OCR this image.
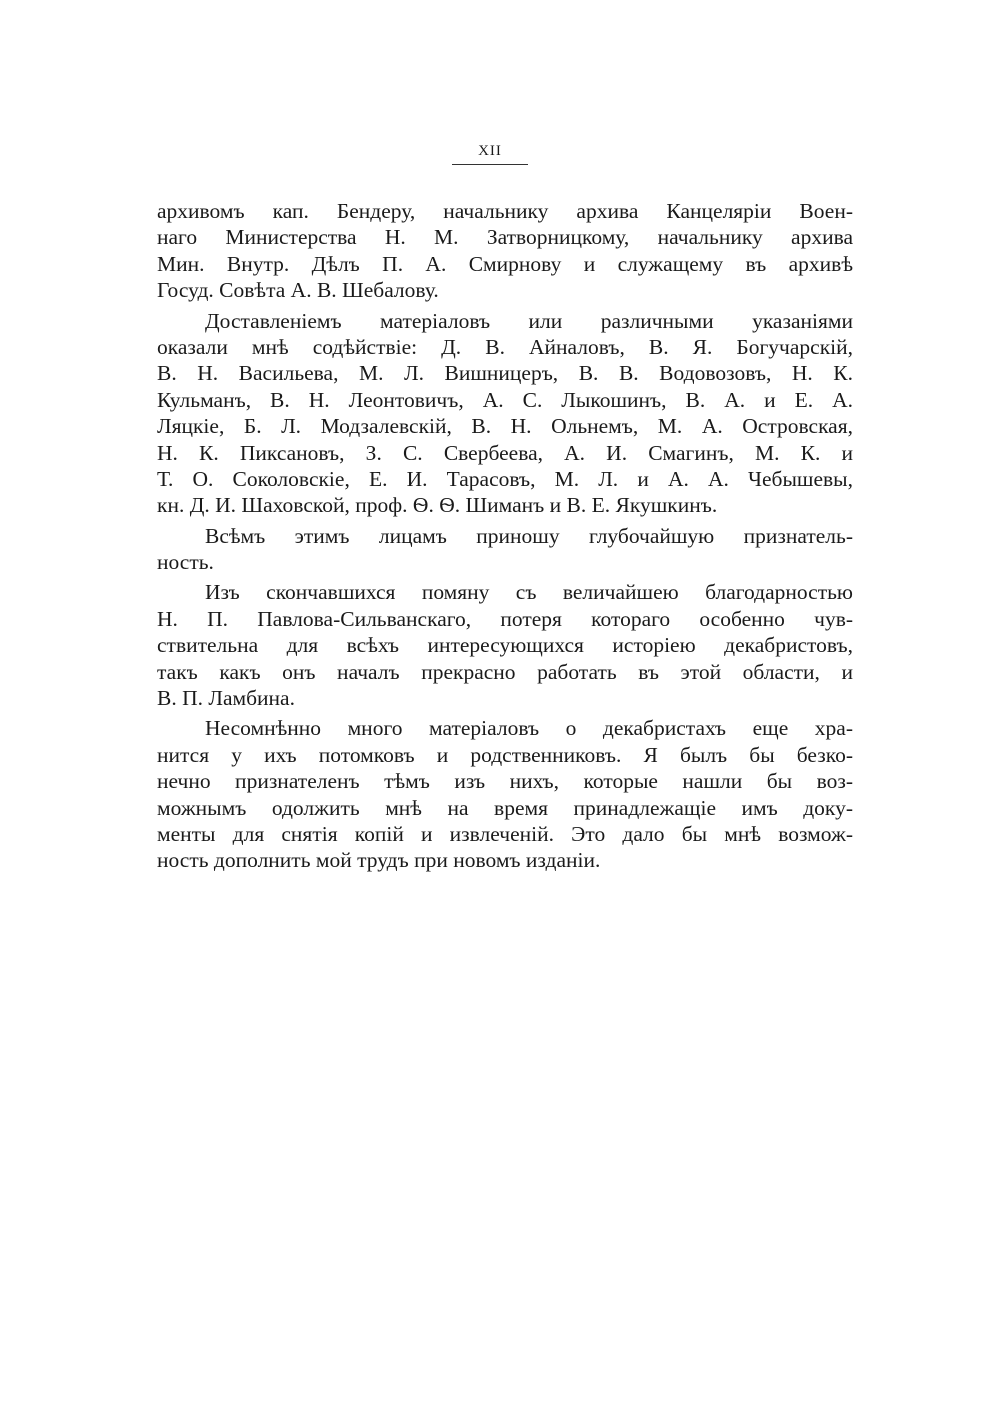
XII
архивомъ кап. Бендеру, начальнику архива Канцеляріи Воен-
наго Министерства Н. М. Затворницкому, начальнику архива
Мин. Внутр. Дѣлъ П. А. Смирнову и служащему въ архивѣ
Госуд. Совѣта А. В. Шебалову.
Доставленіемъ матеріаловъ или различными указаніями
оказали мнѣ содѣйствіе: Д. В. Айналовъ, В. Я. Богучарскій,
В. Н. Васильева, М. Л. Вишницеръ, В. В. Водовозовъ, Н. К.
Кульманъ, В. Н. Леонтовичъ, А. С. Лыкошинъ, В. А. и Е. А.
Ляцкіе, Б. Л. Модзалевскій, В. Н. Ольнемъ, М. А. Островская,
Н. К. Пиксановъ, З. С. Свербеева, А. И. Смагинъ, М. К. и
Т. О. Соколовскіе, Е. И. Тарасовъ, М. Л. и А. А. Чебышевы,
кн. Д. И. Шаховской, проф. Ѳ. Ѳ. Шиманъ и В. Е. Якушкинъ.
Всѣмъ этимъ лицамъ приношу глубочайшую признатель-
ность.
Изъ скончавшихся помяну съ величайшею благодарностью
Н. П. Павлова-Сильванскаго, потеря котораго особенно чув-
ствительна для всѣхъ интересующихся исторіею декабристовъ,
такъ какъ онъ началъ прекрасно работать въ этой области, и
В. П. Ламбина.
Несомнѣнно много матеріаловъ о декабристахъ еще хра-
нится у ихъ потомковъ и родственниковъ. Я былъ бы безко-
нечно признателенъ тѣмъ изъ нихъ, которые нашли бы воз-
можнымъ одолжить мнѣ на время принадлежащіе имъ доку-
менты для снятія копій и извлеченій. Это дало бы мнѣ возмож-
ность дополнить мой трудъ при новомъ изданіи.
